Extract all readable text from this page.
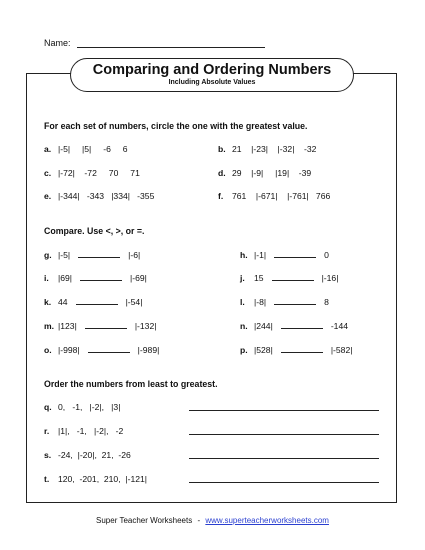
Name:
Comparing and Ordering Numbers
Including Absolute Values
For each set of numbers, circle the one with the greatest value.
a. |-5|     |5|     -6     6	b. 21    |-23|    |-32|    -32
c. |-72|    -72     70     71	d. 29    |-9|     |19|    -39
e. |-344|   -343   |334|   -355	f. 761    |-671|    |-761|   766
Compare. Use <, >, or =.
g. |-5|	|-6|	h. |-1|	0
i. |69|	|-69|	j. 15	|-16|
k. 44	|-54|	l. |-8|	8
m. |123|	|-132|	n. |244|	-144
o. |-998|	|-989|	p. |528|	|-582|
Order the numbers from least to greatest.
q. 0,   -1,   |-2|,   |3|
r. |1|,   -1,   |-2|,   -2
s. -24,  |-20|,  21,  -26
t. 120,  -201,  210,  |-121|
Super Teacher Worksheets - www.superteacherworksheets.com
